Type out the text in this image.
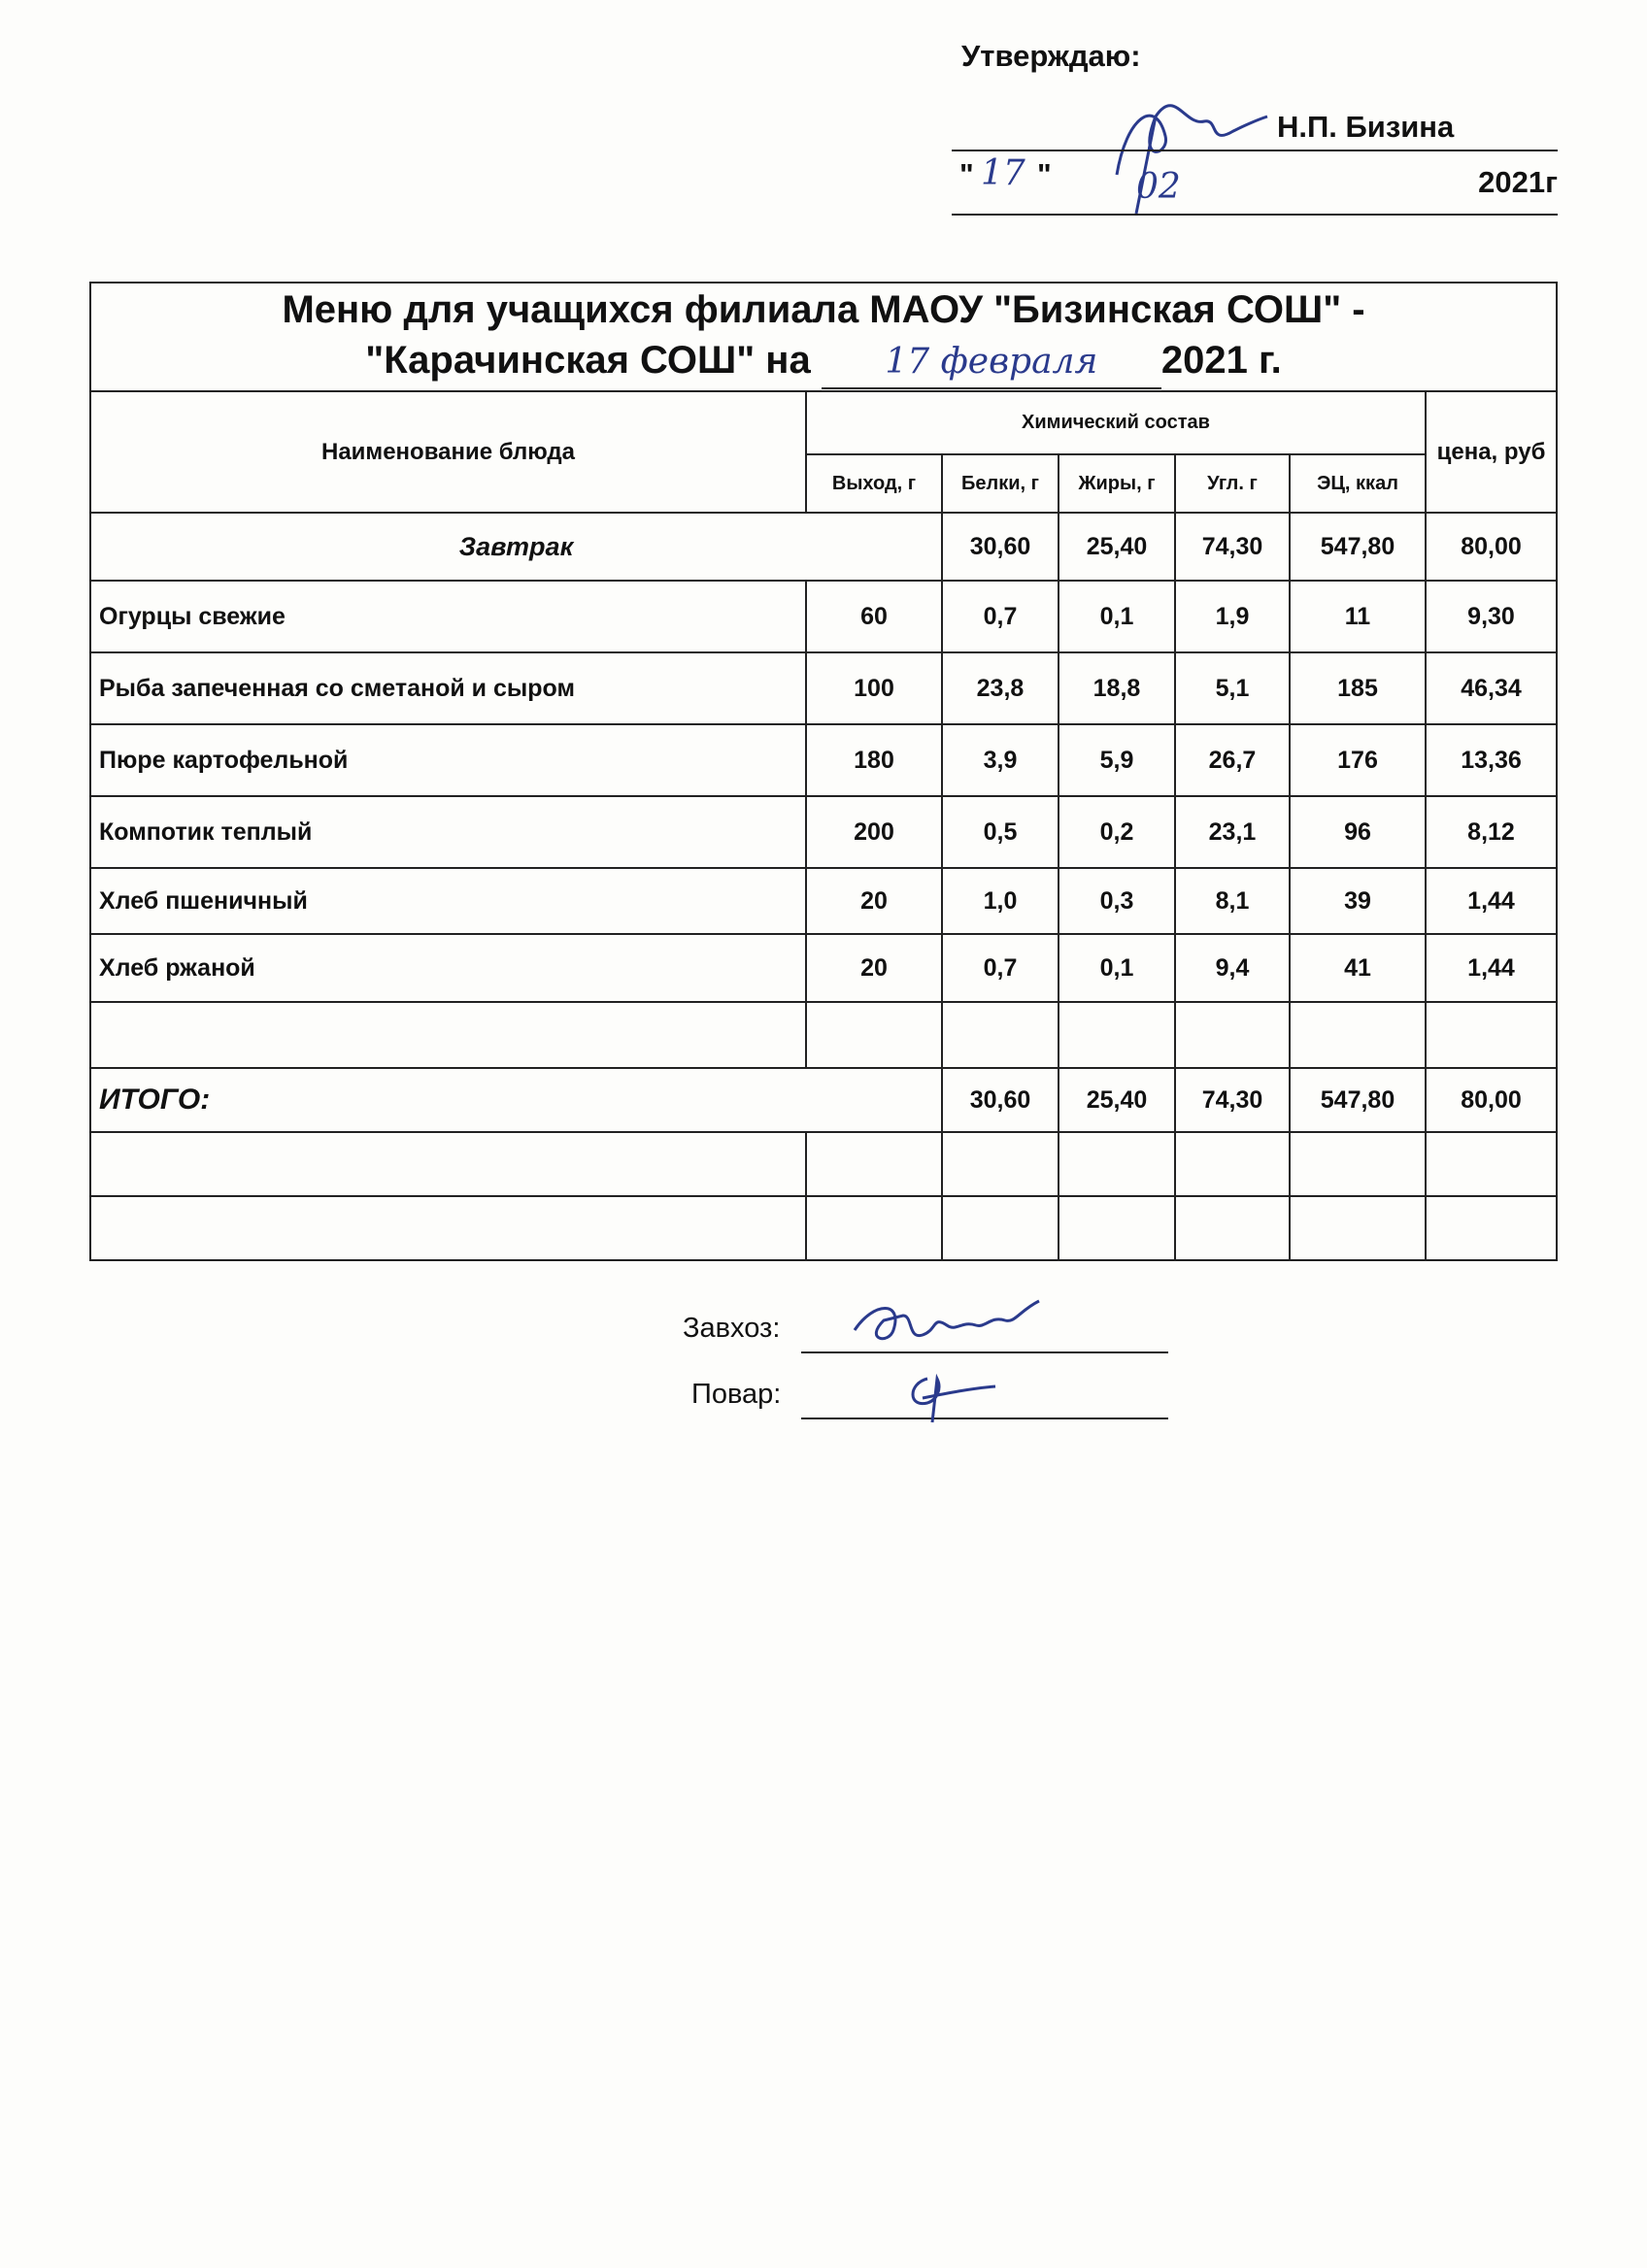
Утверждаю:
Н.П. Бизина
" 17 " 02	2021г
Меню для учащихся филиала МАОУ "Бизинская СОШ" -
"Карачинская СОШ" на 17 февраля 2021 г.						

Наименование блюда	Химический состав					цена, руб
	Выход, г	Белки, г	Жиры, г	Угл. г	ЭЦ, ккал	
Завтрак		30,60	25,40	74,30	547,80	80,00
Огурцы свежие	60	0,7	0,1	1,9	11	9,30
Рыба запеченная со сметаной и сыром	100	23,8	18,8	5,1	185	46,34
Пюре картофельной	180	3,9	5,9	26,7	176	13,36
Компотик теплый	200	0,5	0,2	23,1	96	8,12
Хлеб пшеничный	20	1,0	0,3	8,1	39	1,44
Хлеб ржаной	20	0,7	0,1	9,4	41	1,44

ИТОГО:		30,60	25,40	74,30	547,80	80,00

Завхоз:
Повар:
